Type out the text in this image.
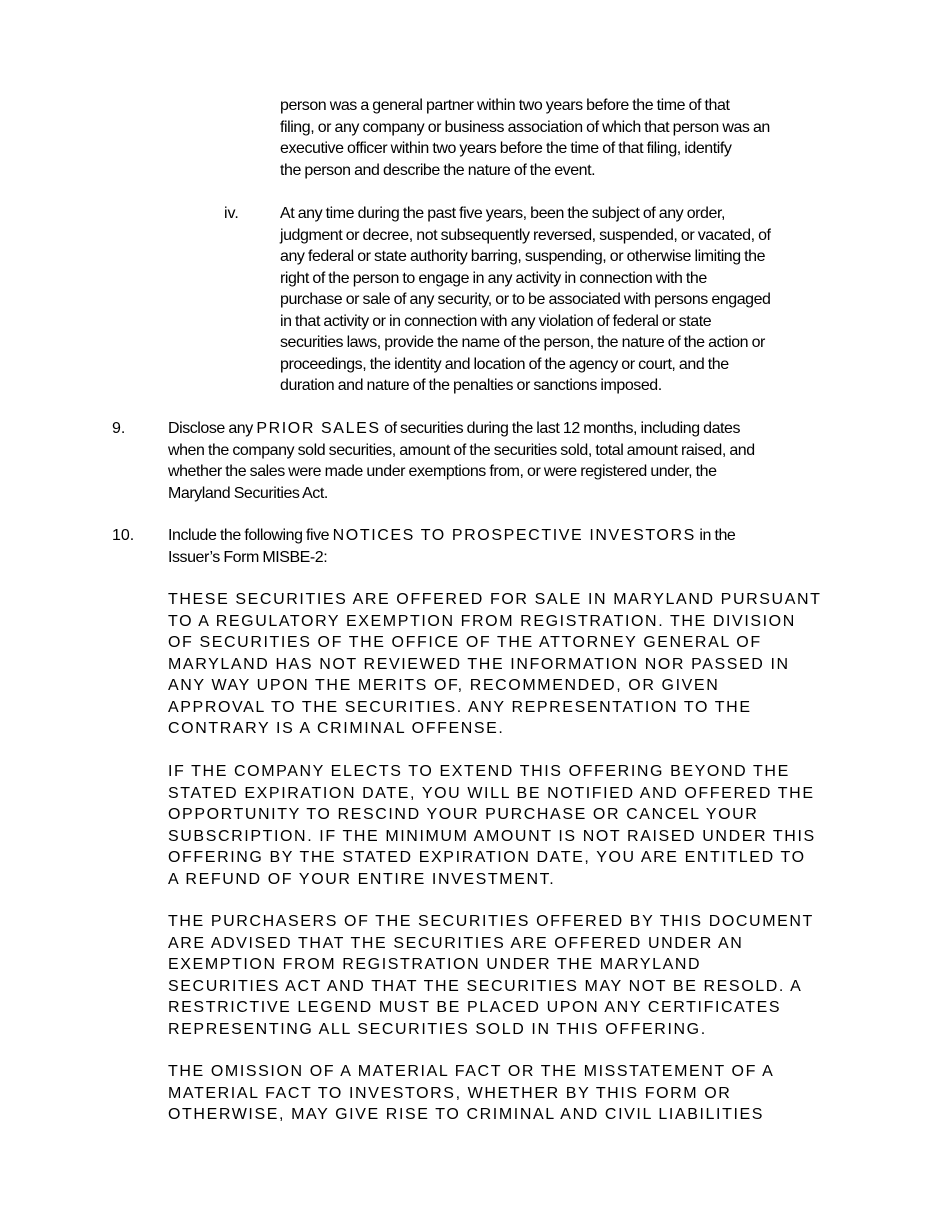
person was a general partner within two years before the time of that

filing, or any company or business association of which that person was an

executive officer within two years before the time of that filing, identify

the person and describe the nature of the event.

iv.	At any time during the past five years, been the subject of any order,

judgment or decree, not subsequently reversed, suspended, or vacated, of

any federal or state authority barring, suspending, or otherwise limiting the

right of the person to engage in any activity in connection with the

purchase or sale of any security, or to be associated with persons engaged

in that activity or in connection with any violation of federal or state

securities laws, provide the name of the person, the nature of the action or

proceedings, the identity and location of the agency or court, and the

duration and nature of the penalties or sanctions imposed.

9.	Disclose any PRIOR SALES of securities during the last 12 months, including dates

when the company sold securities, amount of the securities sold, total amount raised, and

whether the sales were made under exemptions from, or were registered under, the

Maryland Securities Act.

10. Include the following five NOTICES TO PROSPECTIVE INVESTORS in the

Issuer’s Form MISBE-2:

THESE SECURITIES ARE OFFERED FOR SALE IN MARYLAND PURSUANT

TO A REGULATORY EXEMPTION FROM REGISTRATION. THE DIVISION

OF SECURITIES OF THE OFFICE OF THE ATTORNEY GENERAL OF

MARYLAND HAS NOT REVIEWED THE INFORMATION NOR PASSED IN

ANY WAY UPON THE MERITS OF, RECOMMENDED, OR GIVEN

APPROVAL TO THE SECURITIES. ANY REPRESENTATION TO THE

CONTRARY IS A CRIMINAL OFFENSE.

IF THE COMPANY ELECTS TO EXTEND THIS OFFERING BEYOND THE

STATED EXPIRATION DATE, YOU WILL BE NOTIFIED AND OFFERED THE

OPPORTUNITY TO RESCIND YOUR PURCHASE OR CANCEL YOUR

SUBSCRIPTION. IF THE MINIMUM AMOUNT IS NOT RAISED UNDER THIS

OFFERING BY THE STATED EXPIRATION DATE, YOU ARE ENTITLED TO

A REFUND OF YOUR ENTIRE INVESTMENT.

THE PURCHASERS OF THE SECURITIES OFFERED BY THIS DOCUMENT

ARE ADVISED THAT THE SECURITIES ARE OFFERED UNDER AN

EXEMPTION FROM REGISTRATION UNDER THE MARYLAND

SECURITIES ACT AND THAT THE SECURITIES MAY NOT BE RESOLD. A

RESTRICTIVE LEGEND MUST BE PLACED UPON ANY CERTIFICATES

REPRESENTING ALL SECURITIES SOLD IN THIS OFFERING.

THE OMISSION OF A MATERIAL FACT OR THE MISSTATEMENT OF A

MATERIAL FACT TO INVESTORS, WHETHER BY THIS FORM OR

OTHERWISE, MAY GIVE RISE TO CRIMINAL AND CIVIL LIABILITIES
